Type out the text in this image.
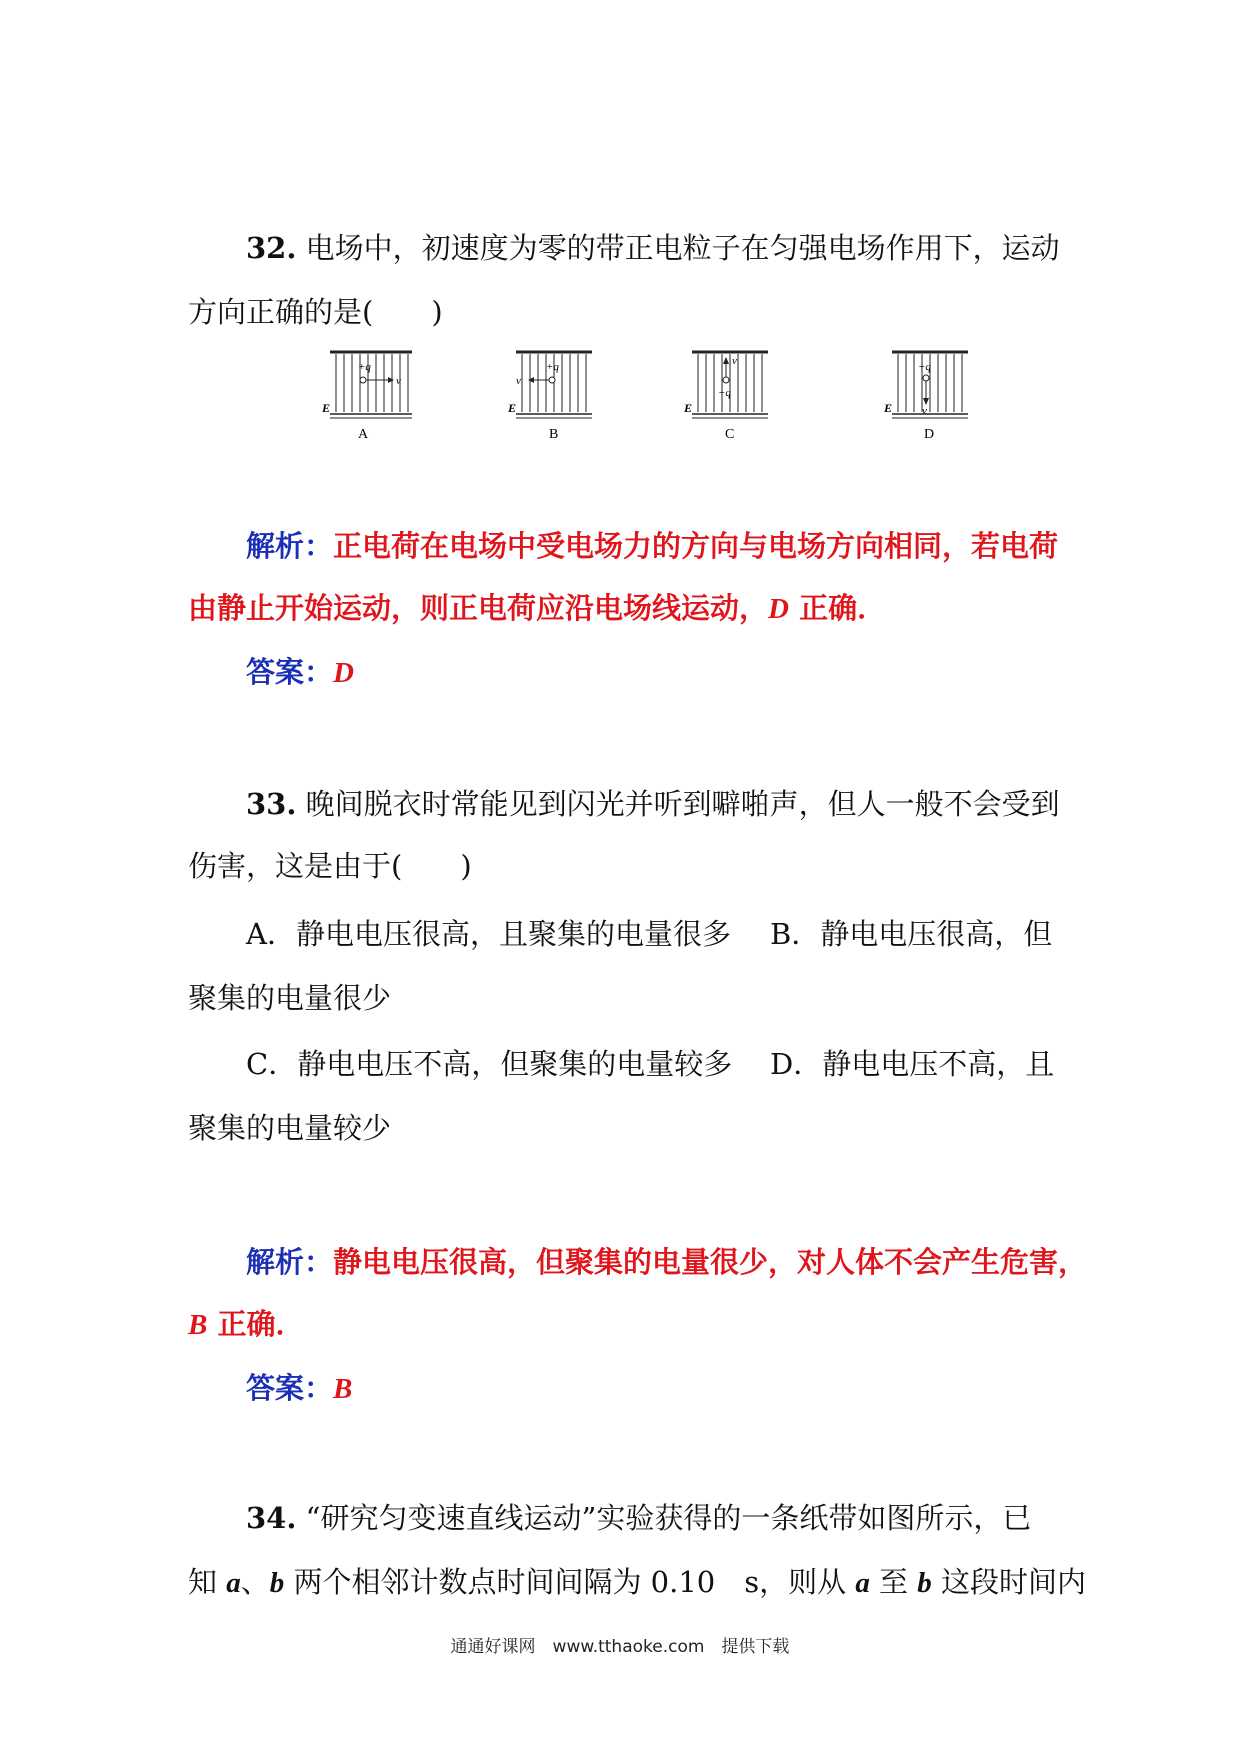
32. 电场中，初速度为零的带正电粒子在匀强电场作用下，运动
方向正确的是(　　)
+q
v
E
A
+q
v
E
B
v
+q
E
C
+q
v
E
D
解析：正电荷在电场中受电场力的方向与电场方向相同，若电荷
由静止开始运动，则正电荷应沿电场线运动，D 正确．
答案：D
33. 晚间脱衣时常能见到闪光并听到噼啪声，但人一般不会受到
伤害，这是由于(　　)
A．静电电压很高，且聚集的电量很多 B．静电电压很高，但
聚集的电量很少
C．静电电压不高，但聚集的电量较多 D．静电电压不高，且
聚集的电量较少
解析：静电电压很高，但聚集的电量很少，对人体不会产生危害，
B 正确．
答案：B
34. “研究匀变速直线运动”实验获得的一条纸带如图所示，已
知 a、b 两个相邻计数点时间间隔为 0.10　s，则从 a 至 b 这段时间内
通通好课网　www.tthaoke.com　提供下载
